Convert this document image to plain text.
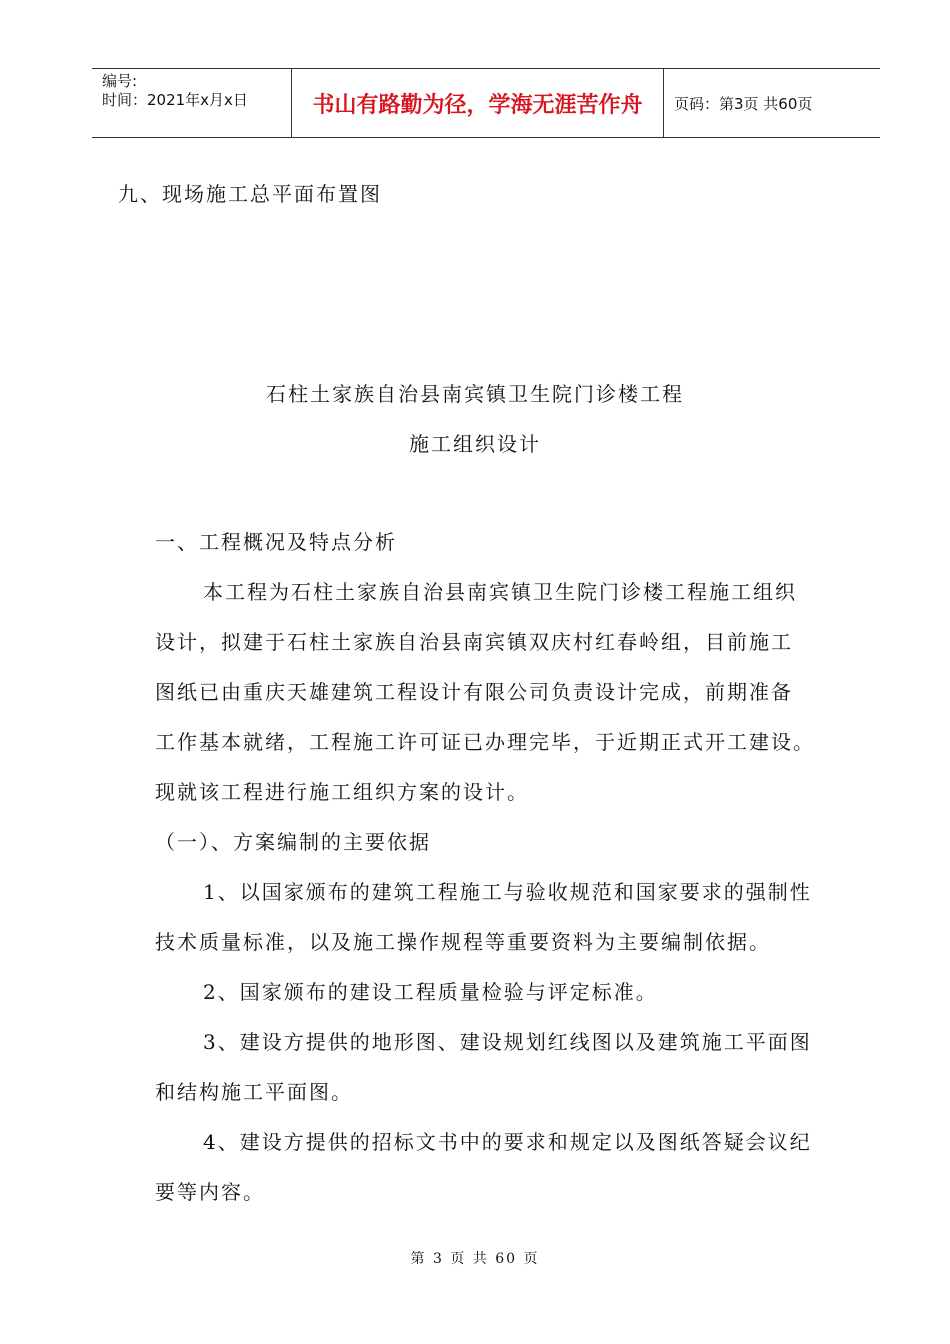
编号:
时间：2021年x月x日	书山有路勤为径，学海无涯苦作舟	页码：第3页 共60页
九、现场施工总平面布置图
石柱土家族自治县南宾镇卫生院门诊楼工程
施工组织设计
一、工程概况及特点分析
本工程为石柱土家族自治县南宾镇卫生院门诊楼工程施工组织
设计，拟建于石柱土家族自治县南宾镇双庆村红春岭组，目前施工
图纸已由重庆天雄建筑工程设计有限公司负责设计完成，前期准备
工作基本就绪，工程施工许可证已办理完毕，于近期正式开工建设。
现就该工程进行施工组织方案的设计。
（一）、方案编制的主要依据
1、以国家颁布的建筑工程施工与验收规范和国家要求的强制性
技术质量标准，以及施工操作规程等重要资料为主要编制依据。
2、国家颁布的建设工程质量检验与评定标准。
3、建设方提供的地形图、建设规划红线图以及建筑施工平面图
和结构施工平面图。
4、建设方提供的招标文书中的要求和规定以及图纸答疑会议纪
要等内容。
第 3 页 共 60 页
